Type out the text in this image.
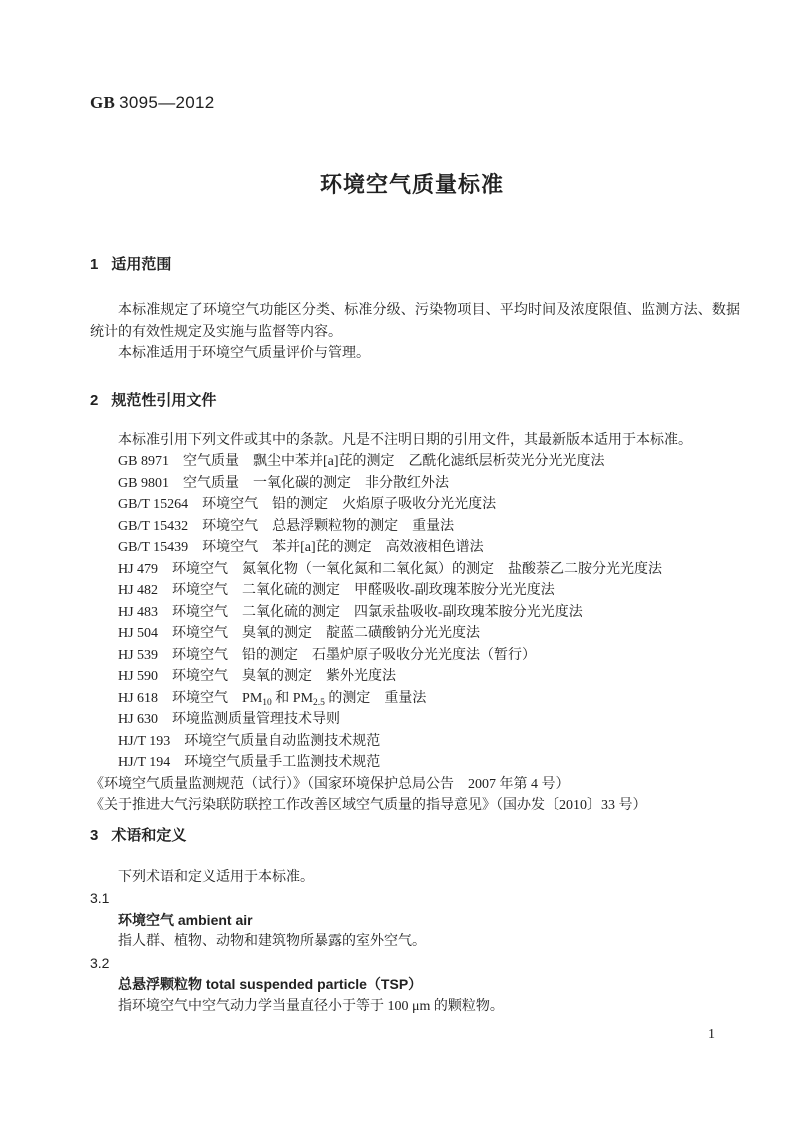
GB 3095—2012
环境空气质量标准
1 适用范围

本标准规定了环境空气功能区分类、标准分级、污染物项目、平均时间及浓度限值、监测方法、数据统计的有效性规定及实施与监督等内容。

本标准适用于环境空气质量评价与管理。

2 规范性引用文件

本标准引用下列文件或其中的条款。凡是不注明日期的引用文件，其最新版本适用于本标准。

GB 8971　空气质量　飘尘中苯并[a]芘的测定　乙酰化滤纸层析荧光分光光度法

GB 9801　空气质量　一氧化碳的测定　非分散红外法

GB/T 15264　环境空气　铅的测定　火焰原子吸收分光光度法

GB/T 15432　环境空气　总悬浮颗粒物的测定　重量法

GB/T 15439　环境空气　苯并[a]芘的测定　高效液相色谱法

HJ 479　环境空气　氮氧化物（一氧化氮和二氧化氮）的测定　盐酸萘乙二胺分光光度法

HJ 482　环境空气　二氧化硫的测定　甲醛吸收-副玫瑰苯胺分光光度法

HJ 483　环境空气　二氧化硫的测定　四氯汞盐吸收-副玫瑰苯胺分光光度法

HJ 504　环境空气　臭氧的测定　靛蓝二磺酸钠分光光度法

HJ 539　环境空气　铅的测定　石墨炉原子吸收分光光度法（暂行）

HJ 590　环境空气　臭氧的测定　紫外光度法

HJ 618　环境空气　$PM_{10}$ 和 $PM_{2.5}$ 的测定　重量法

HJ 630　环境监测质量管理技术导则

HJ/T 193　环境空气质量自动监测技术规范

HJ/T 194　环境空气质量手工监测技术规范

《环境空气质量监测规范（试行）》（国家环境保护总局公告　2007 年第 4 号）

《关于推进大气污染联防联控工作改善区域空气质量的指导意见》（国办发〔2010〕33 号）

3 术语和定义

下列术语和定义适用于本标准。

3.1

环境空气 ambient air

指人群、植物、动物和建筑物所暴露的室外空气。

3.2

总悬浮颗粒物 total suspended particle（TSP）

指环境空气中空气动力学当量直径小于等于 100 μm 的颗粒物。

1
